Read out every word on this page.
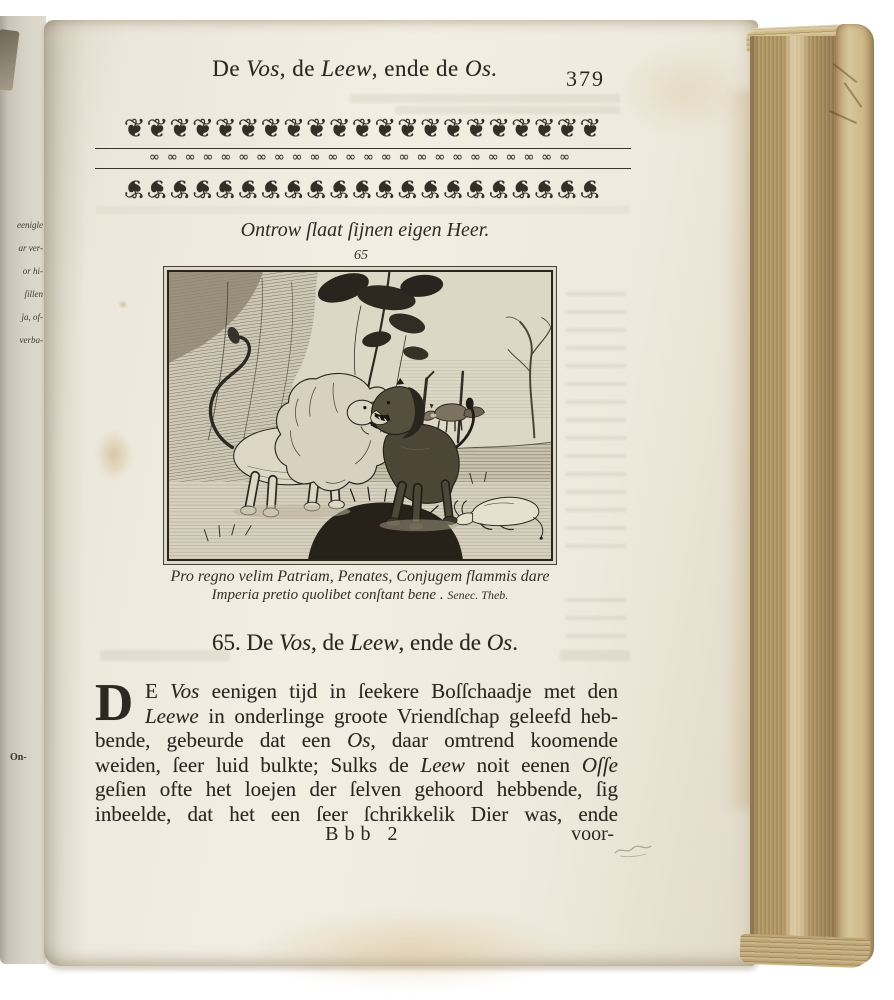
eenigle
ar ver-
or hi-
ſillen
ja, of-
verba-
On-
De Vos, de Leew, ende de Os.	379
❦❦❦❦❦❦❦❦❦❦❦❦❦❦❦❦❦❦❦❦❦
∞∞∞∞∞∞∞∞∞∞∞∞∞∞∞∞∞∞∞∞∞∞∞∞
❦❦❦❦❦❦❦❦❦❦❦❦❦❦❦❦❦❦❦❦❦
Ontrow ſlaat ſijnen eigen Heer.
65
Pro regno velim Patriam, Penates, Conjugem flammis dare
Imperia pretio quolibet conſtant bene . Senec. Theb.
65. De Vos, de Leew, ende de Os.
D E Vos eenigen tijd in ſeekere Boſſchaadje met den
Leewe in onderlinge groote Vriendſchap geleefd heb-
bende, gebeurde dat een Os, daar omtrend koomende
weiden, ſeer luid bulkte; Sulks de Leew noit eenen Oſſe
geſien ofte het loejen der ſelven gehoord hebbende, ſig
inbeelde, dat het een ſeer ſchrikkelik Dier was, ende
Bbb 2	voor-
